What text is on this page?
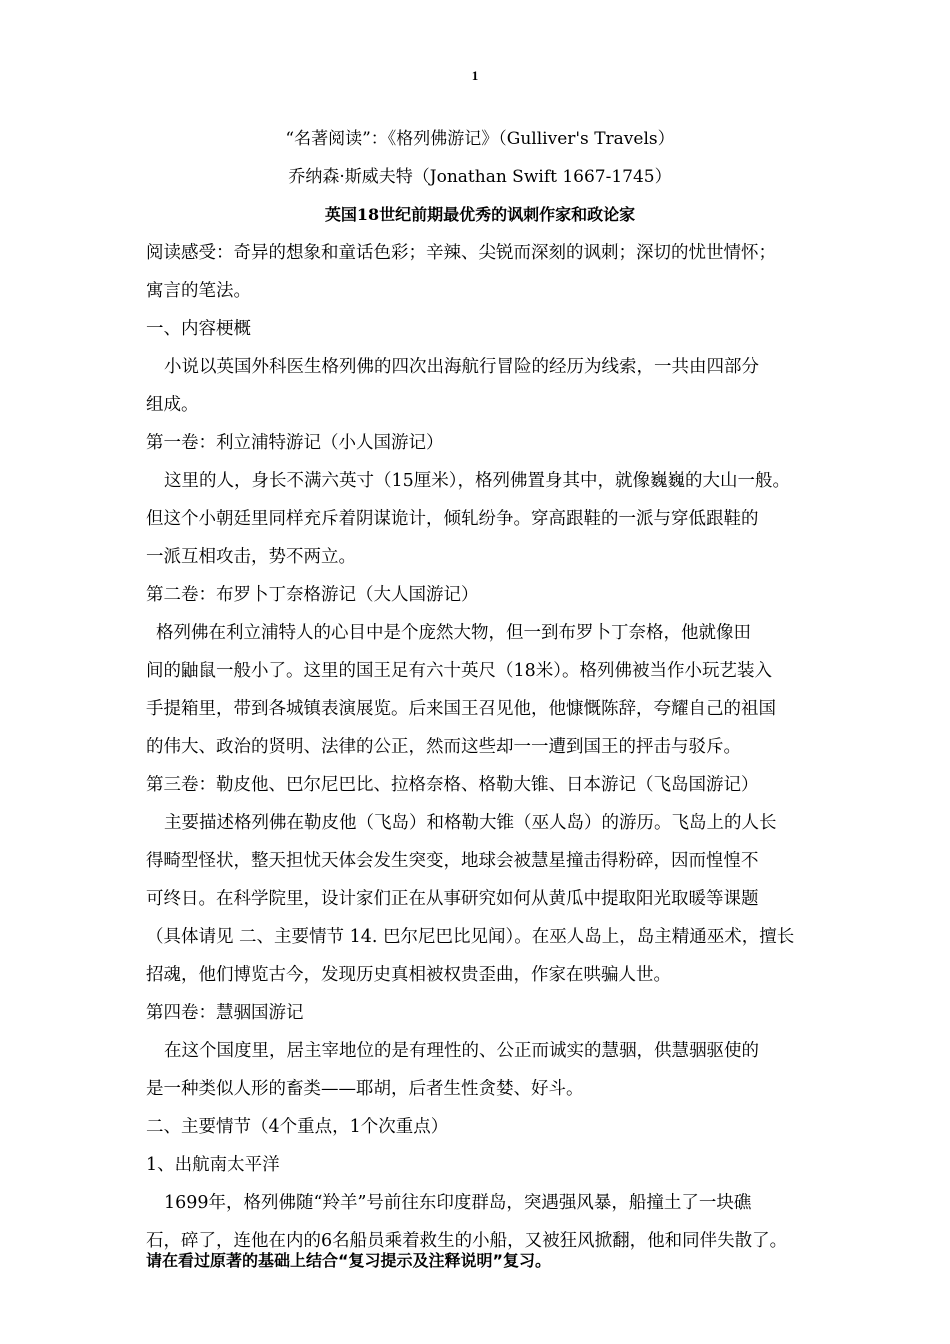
1
“名著阅读”：《格列佛游记》（Gulliver's Travels）
乔纳森·斯威夫特（Jonathan Swift 1667-1745）
英国18世纪前期最优秀的讽刺作家和政论家
阅读感受：奇异的想象和童话色彩；辛辣、尖锐而深刻的讽刺；深切的忧世情怀；
寓言的笔法。
一、内容梗概
小说以英国外科医生格列佛的四次出海航行冒险的经历为线索，一共由四部分
组成。
第一卷：利立浦特游记（小人国游记）
这里的人，身长不满六英寸（15厘米），格列佛置身其中，就像巍巍的大山一般。
但这个小朝廷里同样充斥着阴谋诡计，倾轧纷争。穿高跟鞋的一派与穿低跟鞋的
一派互相攻击，势不两立。
第二卷：布罗卜丁奈格游记（大人国游记）
格列佛在利立浦特人的心目中是个庞然大物，但一到布罗卜丁奈格，他就像田
间的鼬鼠一般小了。这里的国王足有六十英尺（18米）。格列佛被当作小玩艺装入
手提箱里，带到各城镇表演展览。后来国王召见他，他慷慨陈辞，夸耀自己的祖国
的伟大、政治的贤明、法律的公正，然而这些却一一遭到国王的抨击与驳斥。
第三卷：勒皮他、巴尔尼巴比、拉格奈格、格勒大锥、日本游记（飞岛国游记）
主要描述格列佛在勒皮他（飞岛）和格勒大锥（巫人岛）的游历。飞岛上的人长
得畸型怪状，整天担忧天体会发生突变，地球会被慧星撞击得粉碎，因而惶惶不
可终日。在科学院里，设计家们正在从事研究如何从黄瓜中提取阳光取暖等课题
（具体请见 二、主要情节 14. 巴尔尼巴比见闻）。在巫人岛上，岛主精通巫术，擅长
招魂，他们博览古今，发现历史真相被权贵歪曲，作家在哄骗人世。
第四卷：慧骃国游记
在这个国度里，居主宰地位的是有理性的、公正而诚实的慧骃，供慧骃驱使的
是一种类似人形的畜类——耶胡，后者生性贪婪、好斗。
二、主要情节（4个重点，1个次重点）
1、出航南太平洋
1699年，格列佛随“羚羊”号前往东印度群岛，突遇强风暴，船撞土了一块礁
石，碎了，连他在内的6名船员乘着救生的小船，又被狂风掀翻，他和同伴失散了。
请在看过原著的基础上结合“复习提示及注释说明”复习。
